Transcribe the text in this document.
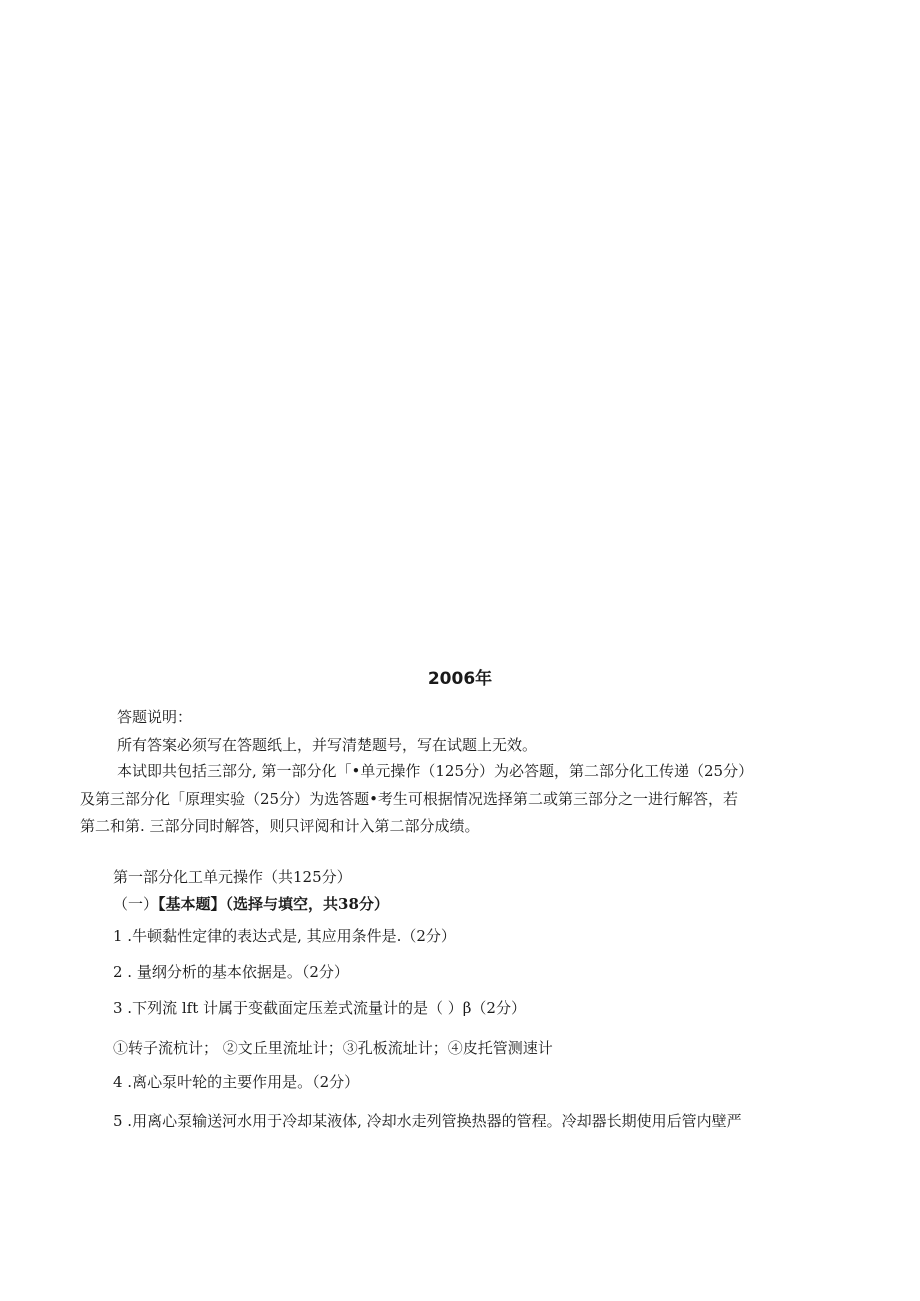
2006年
答题说明：
所有答案必须写在答题纸上，并写清楚题号，写在试题上无效。
本试即共包括三部分, 第一部分化「•单元操作（125分）为必答题，第二部分化工传递（25分）
及第三部分化「原理实验（25分）为选答题•考生可根据情况选择第二或第三部分之一进行解答，若
第二和第. 三部分同时解答，则只评阅和计入第二部分成绩。
第一部分化工单元操作（共125分）
（一）【基本题】（选择与填空，共38分）
1 .牛顿黏性定律的表达式是, 其应用条件是.（2分）
2 . 量纲分析的基本依据是。（2分）
3 .下列流 lft 计属于变截面定压差式流量计的是（ ）β（2分）
①转子流杭计； ②文丘里流址计；③孔板流址计；④皮托管测速计
4 .离心泵叶轮的主要作用是。（2分）
5 .用离心泵输送河水用于冷却某液体, 冷却水走列管换热器的管程。冷却器长期使用后管内壁严
